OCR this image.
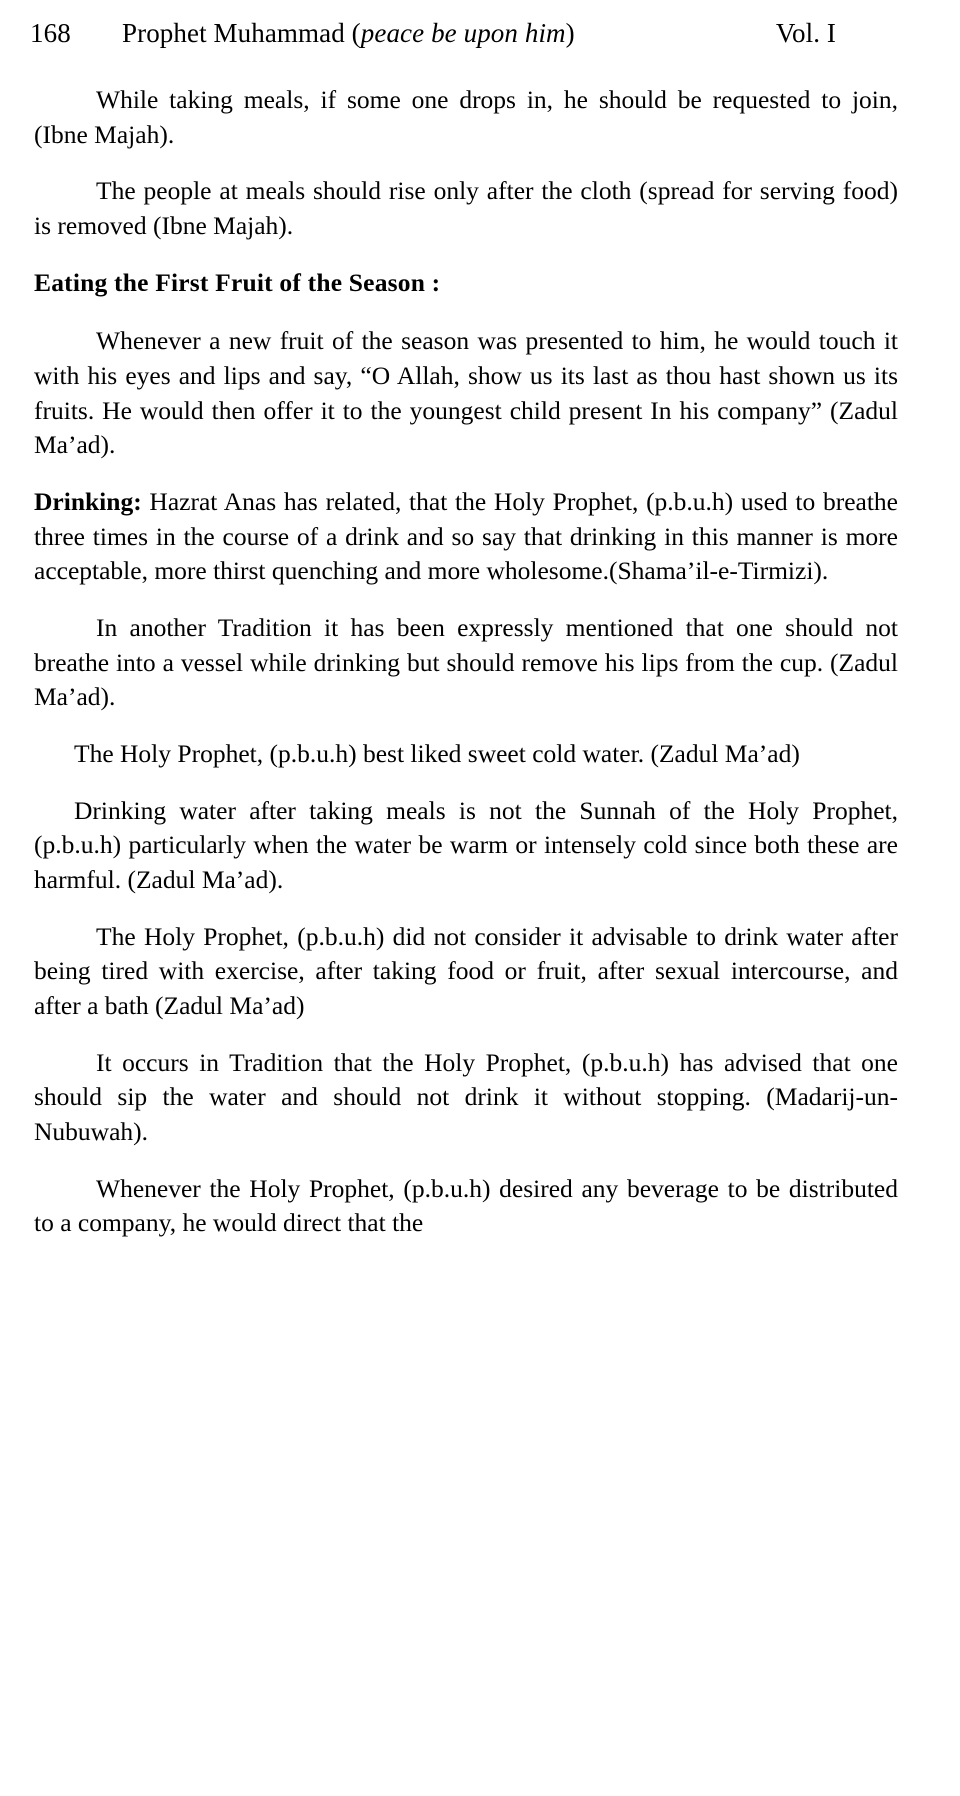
168	Prophet Muhammad (peace be upon him)	Vol. I

While taking meals, if some one drops in, he should be requested to join, (Ibne Majah).

The people at meals should rise only after the cloth (spread for serving food) is removed (Ibne Majah).

Eating the First Fruit of the Season :

Whenever a new fruit of the season was presented to him, he would touch it with his eyes and lips and say, “O Allah, show us its last as thou hast shown us its fruits. He would then offer it to the youngest child present In his company” (Zadul Ma’ad).

Drinking: Hazrat Anas has related, that the Holy Prophet, (p.b.u.h) used to breathe three times in the course of a drink and so say that drinking in this manner is more acceptable, more thirst quenching and more wholesome.(Shama’il-e-Tirmizi).

In another Tradition it has been expressly mentioned that one should not breathe into a vessel while drinking but should remove his lips from the cup. (Zadul Ma’ad).

The Holy Prophet, (p.b.u.h) best liked sweet cold water. (Zadul Ma’ad)

Drinking water after taking meals is not the Sunnah of the Holy Prophet, (p.b.u.h) particularly when the water be warm or intensely cold since both these are harmful. (Zadul Ma’ad).

The Holy Prophet, (p.b.u.h) did not consider it advisable to drink water after being tired with exercise, after taking food or fruit, after sexual intercourse, and after a bath (Zadul Ma’ad)

It occurs in Tradition that the Holy Prophet, (p.b.u.h) has advised that one should sip the water and should not drink it without stopping. (Madarij-un-Nubuwah).

Whenever the Holy Prophet, (p.b.u.h) desired any beverage to be distributed to a company, he would direct that the
